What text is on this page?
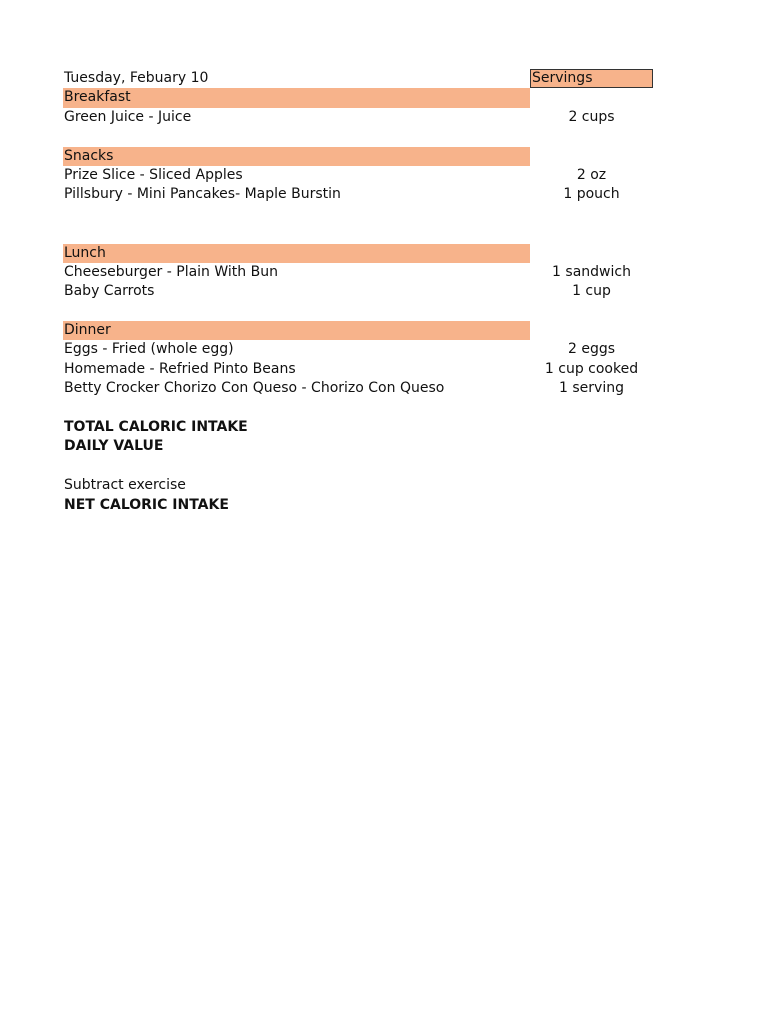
Tuesday, Febuary 10	Servings
Breakfast
Green Juice - Juice	2 cups
Snacks
Prize Slice - Sliced Apples	2 oz
Pillsbury - Mini Pancakes- Maple Burstin	1 pouch
Lunch
Cheeseburger - Plain With Bun	1 sandwich
Baby Carrots	1 cup
Dinner
Eggs - Fried (whole egg)	2 eggs
Homemade - Refried Pinto Beans	1 cup cooked
Betty Crocker Chorizo Con Queso - Chorizo Con Queso	1 serving
TOTAL CALORIC INTAKE
DAILY VALUE
Subtract exercise
NET CALORIC INTAKE
